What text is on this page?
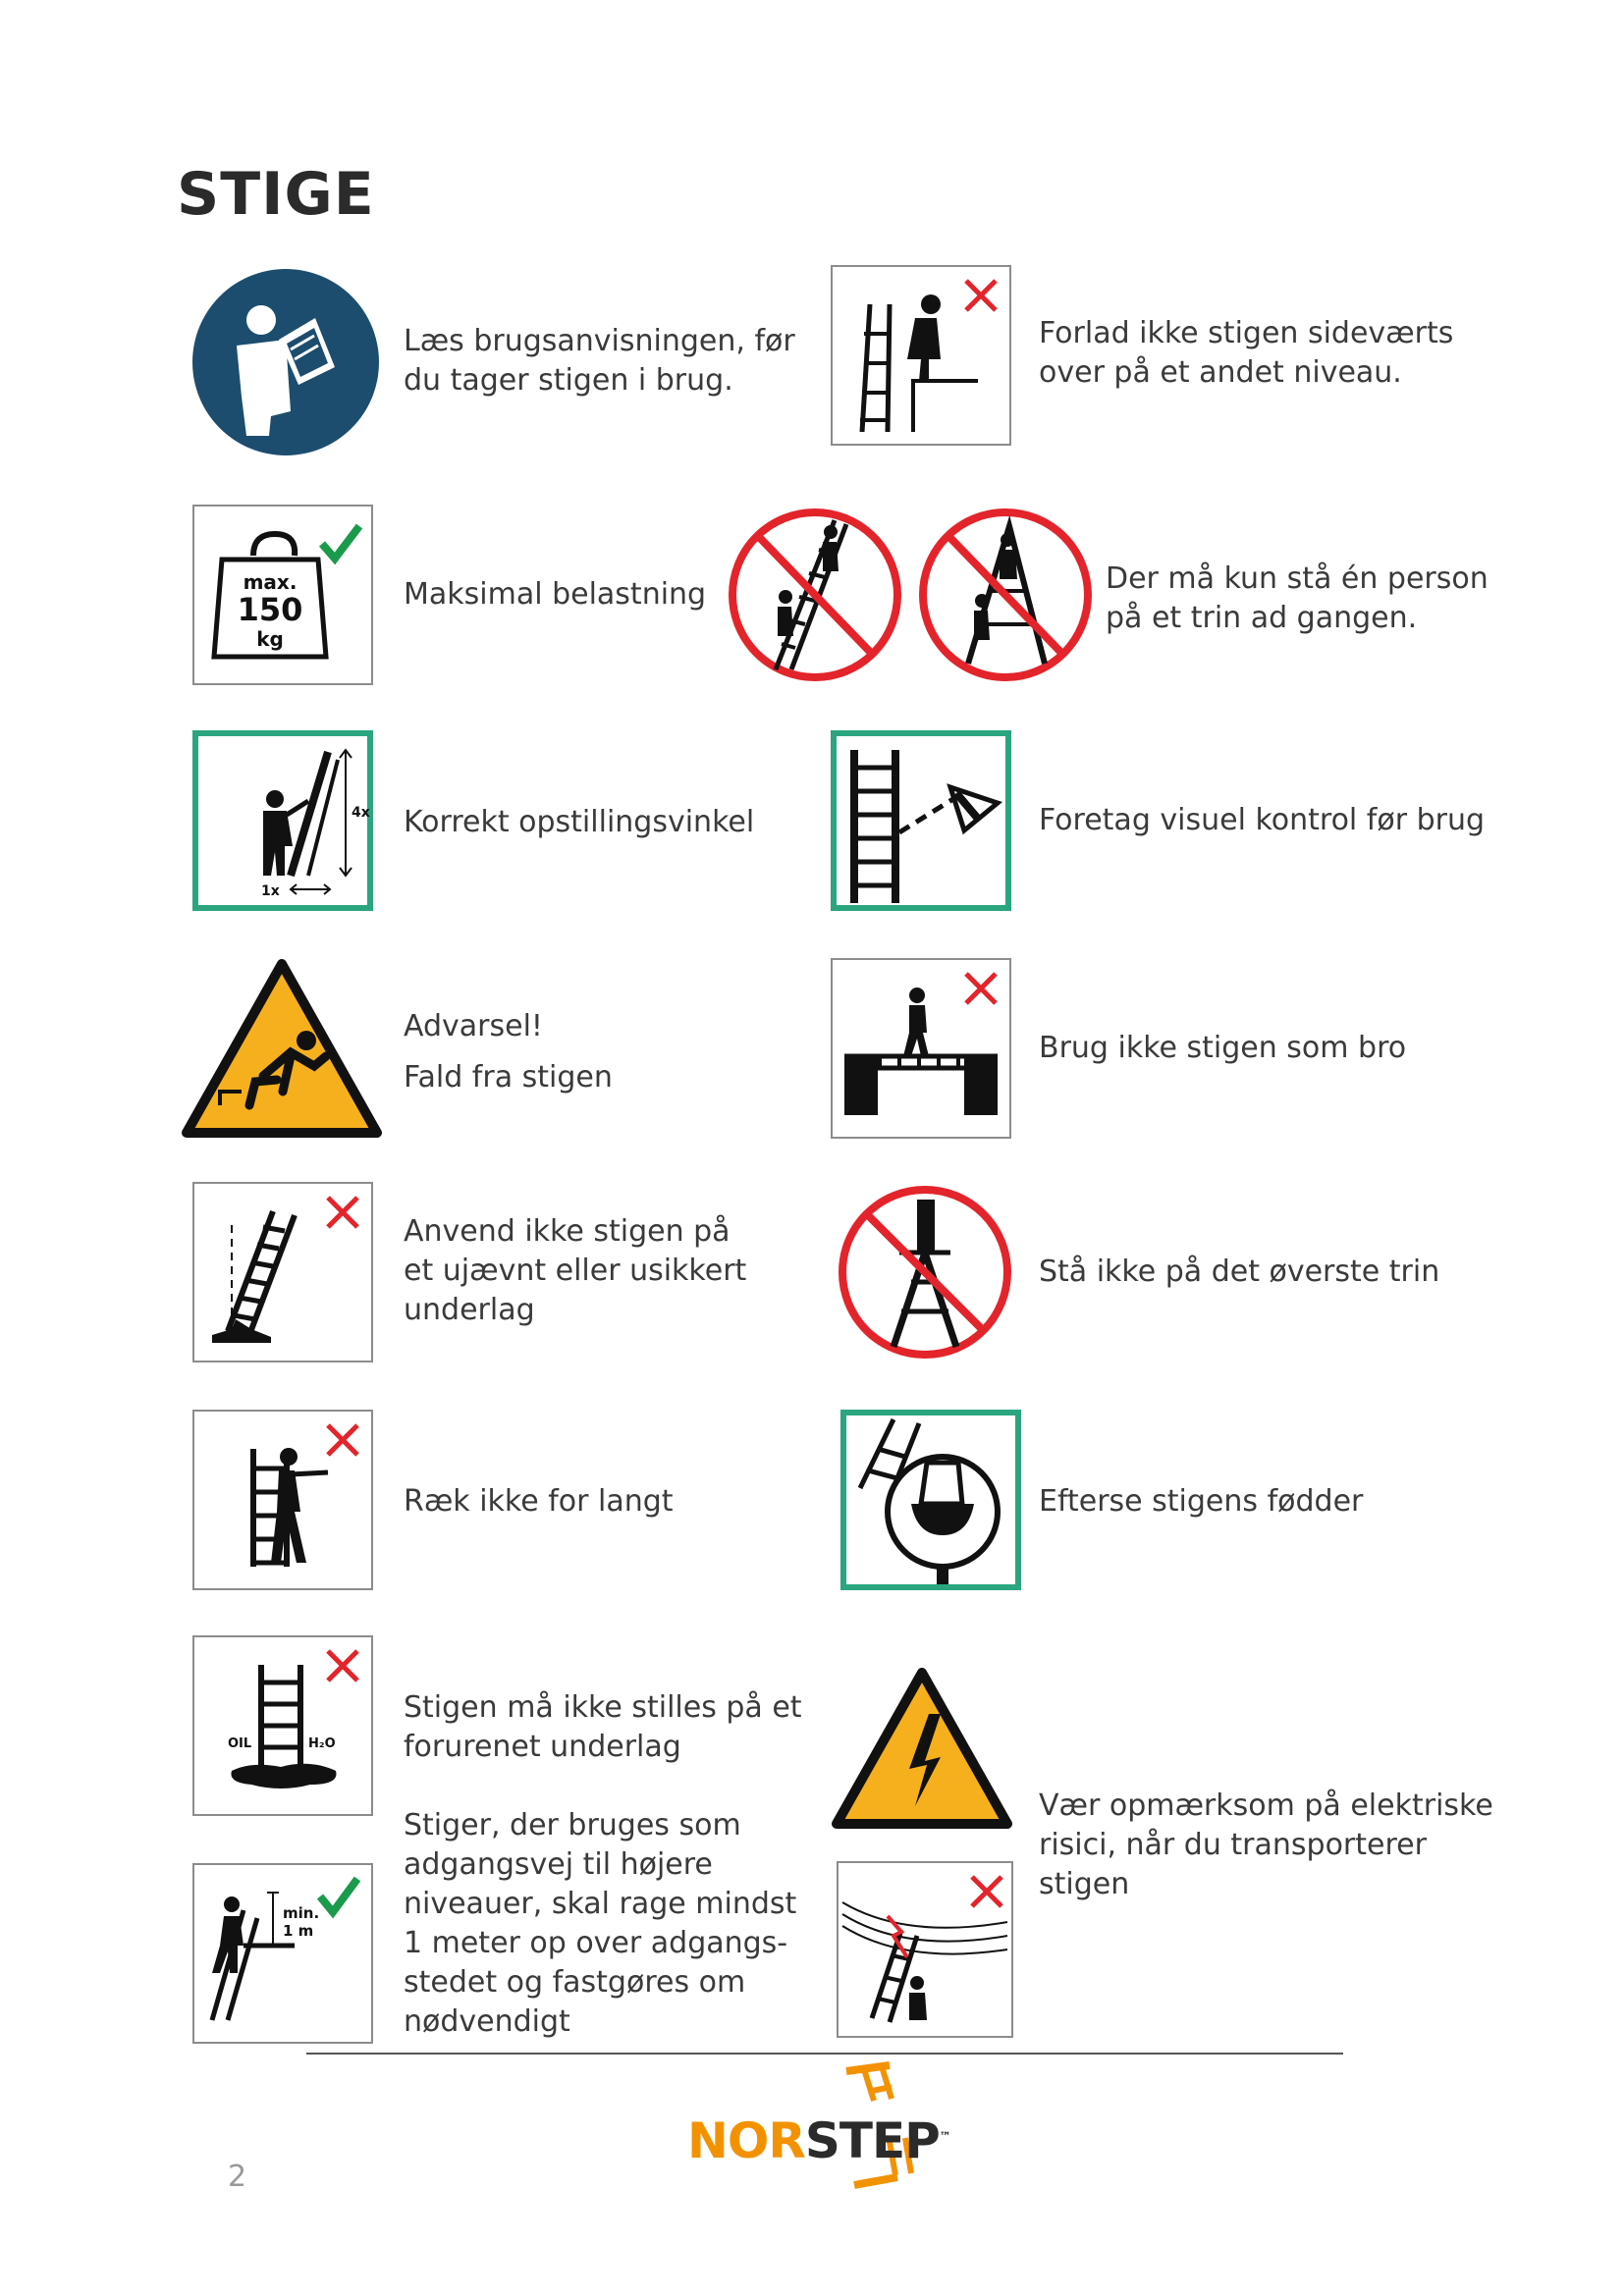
STIGE
Læs brugsanvisningen, før
du tager stigen i brug.
max.
150
kg
Maksimal belastning
4x
1x
Korrekt opstillingsvinkel
Advarsel!
Fald fra stigen
Anvend ikke stigen på
et ujævnt eller usikkert
underlag
Ræk ikke for langt
OIL	H₂O
Stigen må ikke stilles på et
forurenet underlag
min.
1 m
Stiger, der bruges som
adgangsvej til højere
niveauer, skal rage mindst
1 meter op over adgangs-
stedet og fastgøres om
nødvendigt
Forlad ikke stigen sideværts
over på et andet niveau.
Der må kun stå én person
på et trin ad gangen.
Foretag visuel kontrol før brug
Brug ikke stigen som bro
Stå ikke på det øverste trin
Efterse stigens fødder
Vær opmærksom på elektriske
risici, når du transporterer
stigen
2
NORSTEP™
